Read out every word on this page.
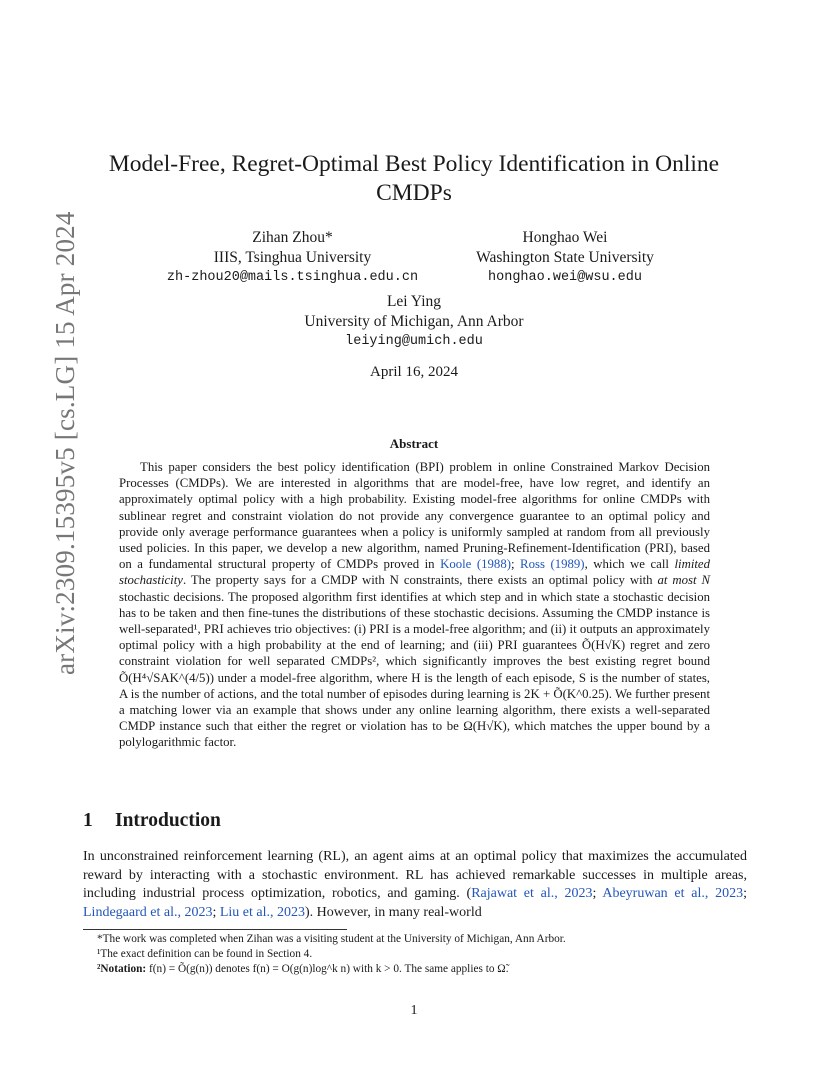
arXiv:2309.15395v5 [cs.LG] 15 Apr 2024
Model-Free, Regret-Optimal Best Policy Identification in Online
CMDPs
Zihan Zhou*
IIIS, Tsinghua University
zh-zhou20@mails.tsinghua.edu.cn
Honghao Wei
Washington State University
honghao.wei@wsu.edu
Lei Ying
University of Michigan, Ann Arbor
leiying@umich.edu
April 16, 2024
Abstract
This paper considers the best policy identification (BPI) problem in online Constrained Markov Decision Processes (CMDPs). We are interested in algorithms that are model-free, have low regret, and identify an approximately optimal policy with a high probability. Existing model-free algorithms for online CMDPs with sublinear regret and constraint violation do not provide any convergence guarantee to an optimal policy and provide only average performance guarantees when a policy is uniformly sampled at random from all previously used policies. In this paper, we develop a new algorithm, named Pruning-Refinement-Identification (PRI), based on a fundamental structural property of CMDPs proved in Koole (1988); Ross (1989), which we call limited stochasticity. The property says for a CMDP with N constraints, there exists an optimal policy with at most N stochastic decisions. The proposed algorithm first identifies at which step and in which state a stochastic decision has to be taken and then fine-tunes the distributions of these stochastic decisions. Assuming the CMDP instance is well-separated¹, PRI achieves trio objectives: (i) PRI is a model-free algorithm; and (ii) it outputs an approximately optimal policy with a high probability at the end of learning; and (iii) PRI guarantees Õ(H√K) regret and zero constraint violation for well separated CMDPs², which significantly improves the best existing regret bound Õ(H⁴√SAK^(4/5)) under a model-free algorithm, where H is the length of each episode, S is the number of states, A is the number of actions, and the total number of episodes during learning is 2K + Õ(K^0.25). We further present a matching lower via an example that shows under any online learning algorithm, there exists a well-separated CMDP instance such that either the regret or violation has to be Ω(H√K), which matches the upper bound by a polylogarithmic factor.
1 Introduction
In unconstrained reinforcement learning (RL), an agent aims at an optimal policy that maximizes the accumulated reward by interacting with a stochastic environment. RL has achieved remarkable successes in multiple areas, including industrial process optimization, robotics, and gaming. (Rajawat et al., 2023; Abeyruwan et al., 2023; Lindegaard et al., 2023; Liu et al., 2023). However, in many real-world
*The work was completed when Zihan was a visiting student at the University of Michigan, Ann Arbor.
¹The exact definition can be found in Section 4.
²Notation: f(n) = Õ(g(n)) denotes f(n) = O(g(n)log^k n) with k > 0. The same applies to Ω̃.
1
